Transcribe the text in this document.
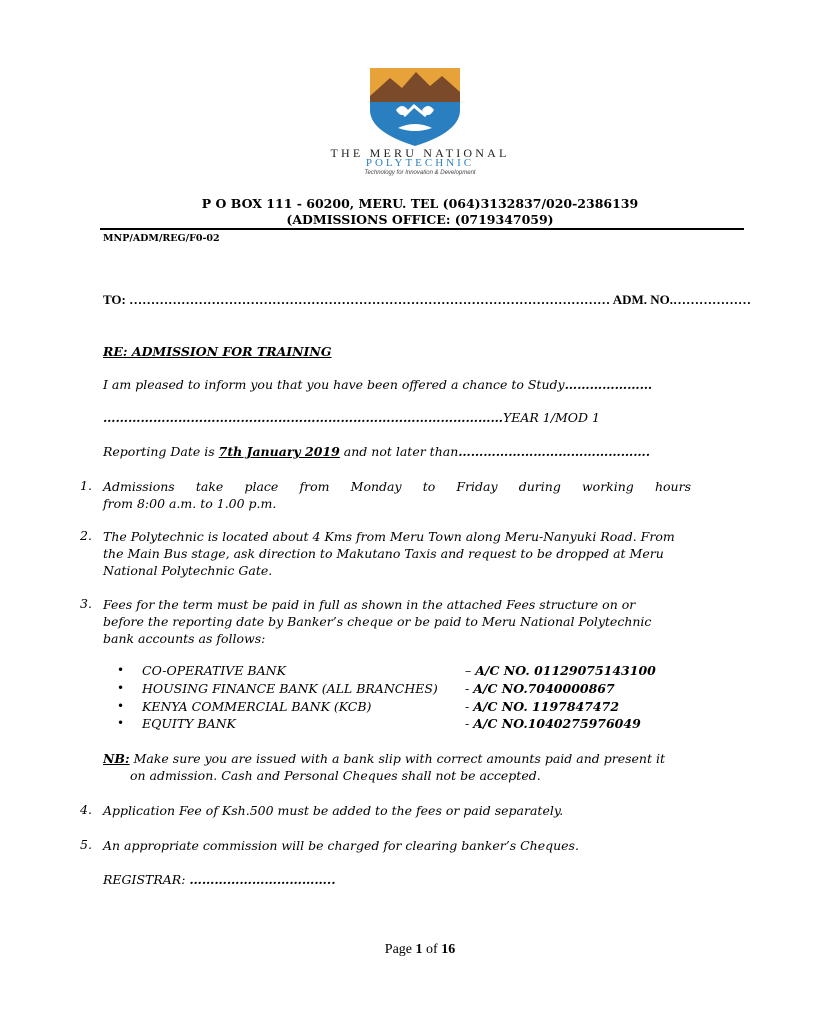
THE MERU NATIONAL
POLYTECHNIC
Technology for Innovation & Development
P O BOX 111 - 60200, MERU. TEL (064)3132837/020-2386139
(ADMISSIONS OFFICE: (0719347059)
MNP/ADM/REG/F0-02
TO: ………………………………………………………………………………………………… ADM. NO.………………
RE: ADMISSION FOR TRAINING
I am pleased to inform you that you have been offered a chance to Study…………………
……………………………………………………………………………………YEAR 1/MOD 1
Reporting Date is 7th January 2019 and not later than……………………………………….
1. Admissions take place from Monday to Friday during working hours
from 8:00 a.m. to 1.00 p.m.
2. The Polytechnic is located about 4 Kms from Meru Town along Meru-Nanyuki Road. From
the Main Bus stage, ask direction to Makutano Taxis and request to be dropped at Meru
National Polytechnic Gate.
3. Fees for the term must be paid in full as shown in the attached Fees structure on or
before the reporting date by Banker’s cheque or be paid to Meru National Polytechnic
bank accounts as follows:
• CO-OPERATIVE BANK	– A/C NO. 01129075143100
• HOUSING FINANCE BANK (ALL BRANCHES) - A/C NO.7040000867
• KENYA COMMERCIAL BANK (KCB)	- A/C NO. 1197847472
• EQUITY BANK	- A/C NO.1040275976049
NB: Make sure you are issued with a bank slip with correct amounts paid and present it
on admission. Cash and Personal Cheques shall not be accepted.
4. Application Fee of Ksh.500 must be added to the fees or paid separately.
5. An appropriate commission will be charged for clearing banker’s Cheques.
REGISTRAR: ……………………………..
Page 1 of 16
